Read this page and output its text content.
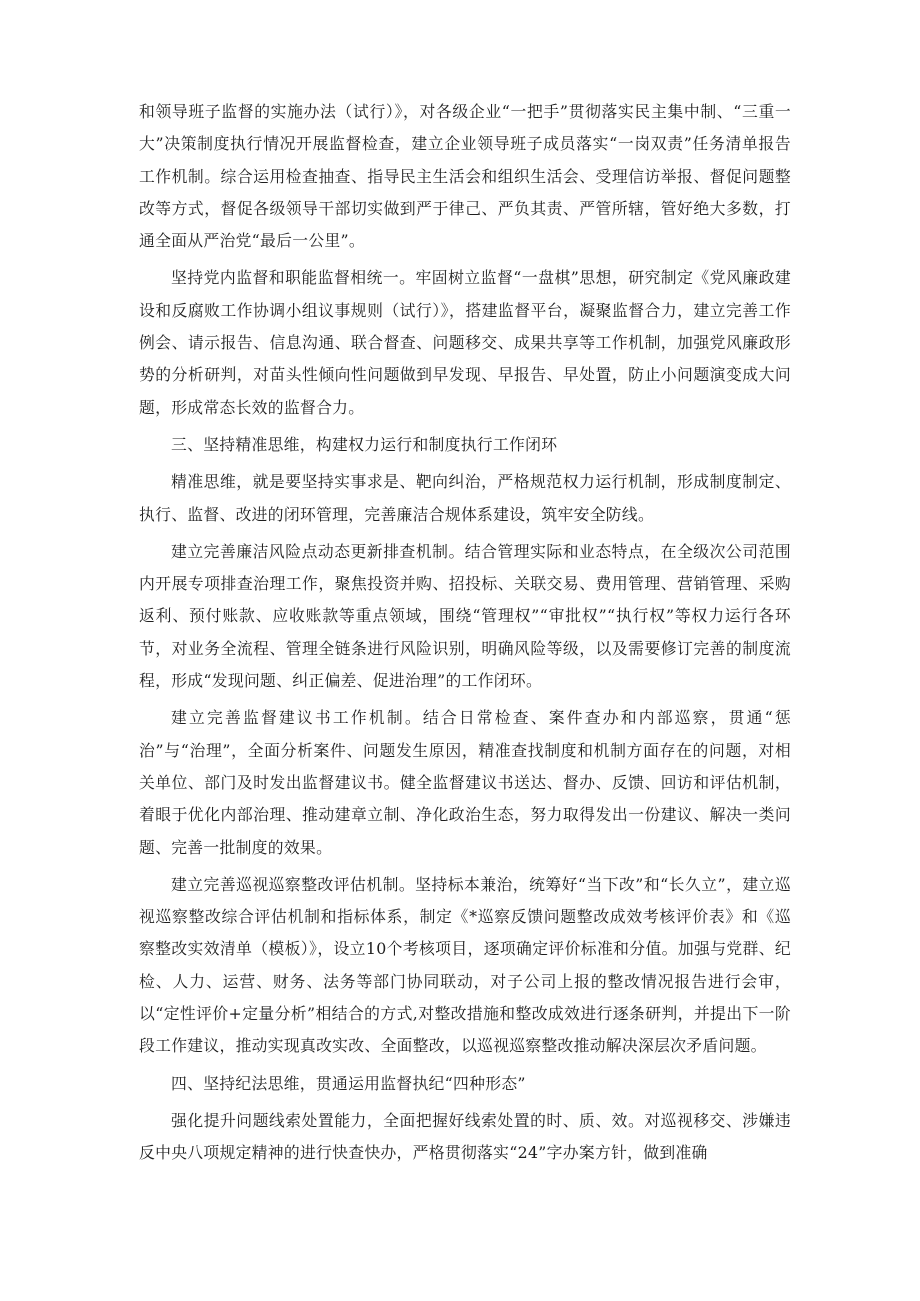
和领导班子监督的实施办法（试行）》，对各级企业“一把手”贯彻落实民主集中制、“三重一大”决策制度执行情况开展监督检查，建立企业领导班子成员落实“一岗双责”任务清单报告工作机制。综合运用检查抽查、指导民主生活会和组织生活会、受理信访举报、督促问题整改等方式，督促各级领导干部切实做到严于律己、严负其责、严管所辖，管好绝大多数，打通全面从严治党“最后一公里”。

坚持党内监督和职能监督相统一。牢固树立监督“一盘棋”思想，研究制定《党风廉政建设和反腐败工作协调小组议事规则（试行）》，搭建监督平台，凝聚监督合力，建立完善工作例会、请示报告、信息沟通、联合督查、问题移交、成果共享等工作机制，加强党风廉政形势的分析研判，对苗头性倾向性问题做到早发现、早报告、早处置，防止小问题演变成大问题，形成常态长效的监督合力。

三、坚持精准思维，构建权力运行和制度执行工作闭环

精准思维，就是要坚持实事求是、靶向纠治，严格规范权力运行机制，形成制度制定、执行、监督、改进的闭环管理，完善廉洁合规体系建设，筑牢安全防线。

建立完善廉洁风险点动态更新排查机制。结合管理实际和业态特点，在全级次公司范围内开展专项排查治理工作，聚焦投资并购、招投标、关联交易、费用管理、营销管理、采购返利、预付账款、应收账款等重点领域，围绕“管理权”“审批权”“执行权”等权力运行各环节，对业务全流程、管理全链条进行风险识别，明确风险等级，以及需要修订完善的制度流程，形成“发现问题、纠正偏差、促进治理”的工作闭环。

建立完善监督建议书工作机制。结合日常检查、案件查办和内部巡察，贯通“惩治”与“治理”，全面分析案件、问题发生原因，精准查找制度和机制方面存在的问题，对相关单位、部门及时发出监督建议书。健全监督建议书送达、督办、反馈、回访和评估机制，着眼于优化内部治理、推动建章立制、净化政治生态，努力取得发出一份建议、解决一类问题、完善一批制度的效果。

建立完善巡视巡察整改评估机制。坚持标本兼治，统筹好“当下改”和“长久立”，建立巡视巡察整改综合评估机制和指标体系，制定《*巡察反馈问题整改成效考核评价表》和《巡察整改实效清单（模板）》，设立10个考核项目，逐项确定评价标准和分值。加强与党群、纪检、人力、运营、财务、法务等部门协同联动，对子公司上报的整改情况报告进行会审，以“定性评价+定量分析”相结合的方式,对整改措施和整改成效进行逐条研判，并提出下一阶段工作建议，推动实现真改实改、全面整改，以巡视巡察整改推动解决深层次矛盾问题。

四、坚持纪法思维，贯通运用监督执纪“四种形态”

强化提升问题线索处置能力，全面把握好线索处置的时、质、效。对巡视移交、涉嫌违反中央八项规定精神的进行快查快办，严格贯彻落实“24”字办案方针，做到准确
